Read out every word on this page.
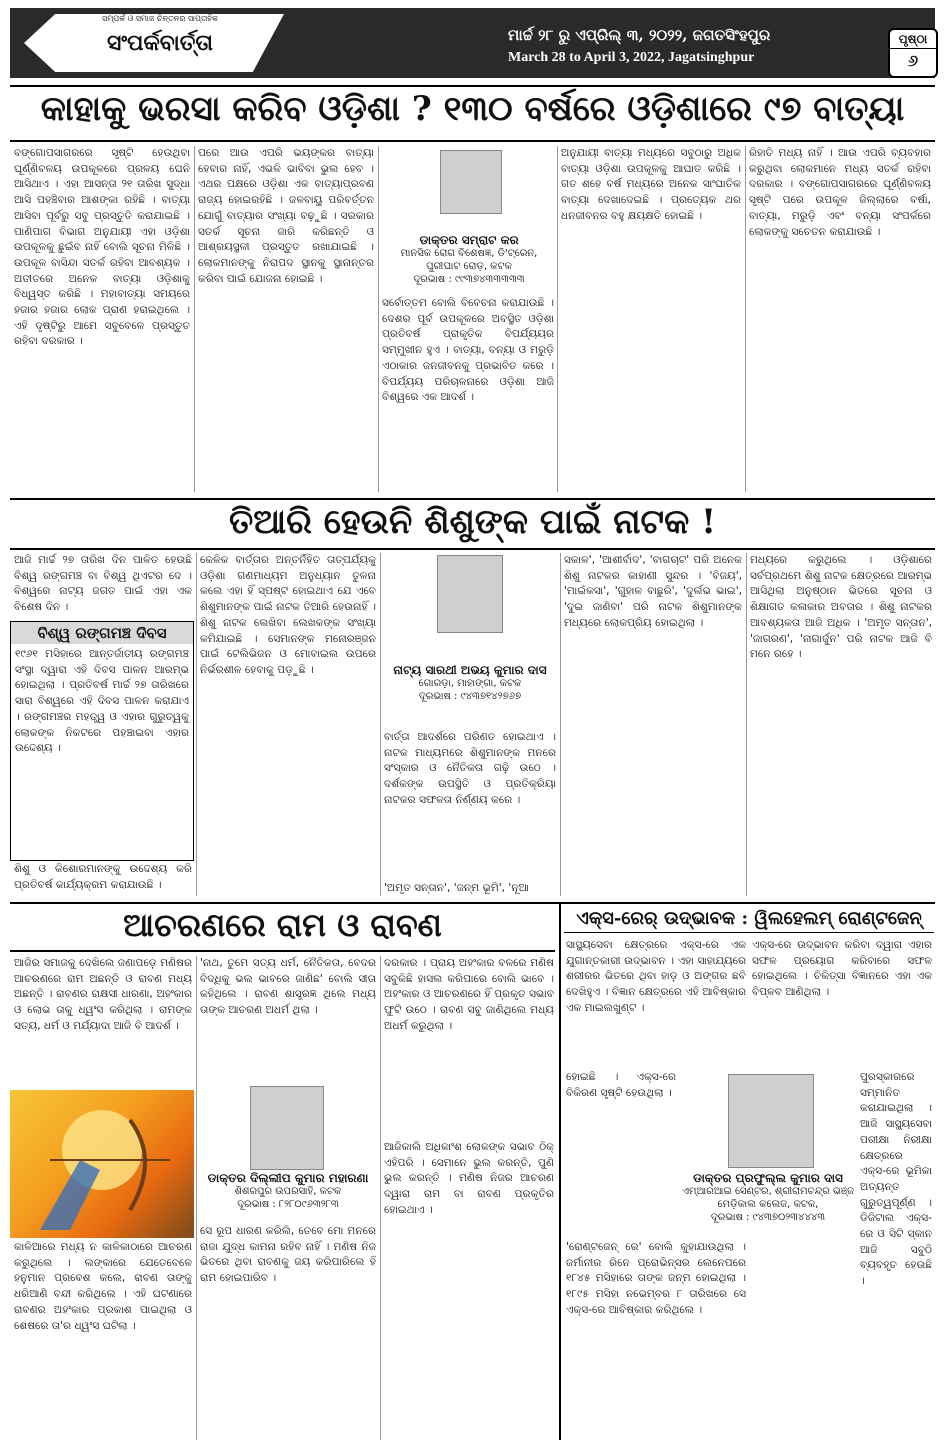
ସମ୍ପର୍କ ଓ ସମାଜ ଚିନ୍ତନର ସାପ୍ତାହିକ
ସଂପର୍କବାର୍ତ୍ତା	ମାର୍ଚ୍ଚ ୨୮ ରୁ ଏପ୍ରିଲ୍ ୩, ୨୦୨୨, ଜଗତସିଂହପୁର
March 28 to April 3, 2022, Jagatsinghpur
ପୃଷ୍ଠା
୬
କାହାକୁ ଭରସା କରିବ ଓଡ଼ିଶା ? ୧୩୦ ବର୍ଷରେ ଓଡ଼ିଶାରେ ୯୭ ବାତ୍ୟା
ବଙ୍ଗୋପସାଗରରେ ସୃଷ୍ଟି ହେଉଥିବା ଘୂର୍ଣ୍ଣିବଳୟ ଉପକୂଳରେ ପ୍ରଳୟ ଘେନି ଆସିଥାଏ । ଏହା ଆସନ୍ତା ୨୧ ତାରିଖ ସୁଦ୍ଧା ଆସି ପହଞ୍ଚିବାର ଆଶଙ୍କା ରହିଛି । ବାତ୍ୟା ଆସିବା ପୂର୍ବରୁ ସବୁ ପ୍ରସ୍ତୁତି କରାଯାଇଛି । ପାଣିପାଗ ବିଭାଗ ଅନୁଯାୟୀ ଏହା ଓଡ଼ିଶା ଉପକୂଳକୁ ଛୁଇଁବ ନାହିଁ ବୋଲି ସୂଚନା ମିଳିଛି । ଉପକୂଳ ବାସିନ୍ଦା ସତର୍କ ରହିବା ଆବଶ୍ୟକ । ଅତୀତରେ ଅନେକ ବାତ୍ୟା ଓଡ଼ିଶାକୁ ବିଧ୍ୱସ୍ତ କରିଛି । ମହାବାତ୍ୟା ସମୟରେ ହଜାର ହଜାର ଲୋକ ପ୍ରାଣ ହରାଇଥିଲେ । ଏହି ଦୃଷ୍ଟିରୁ ଆମେ ସବୁବେଳେ ପ୍ରସ୍ତୁତ ରହିବା ଦରକାର ।
ପରେ ଆଉ ଏପରି ଭୟଙ୍କର ବାତ୍ୟା ହେବାର ନାହିଁ, ଏଭଳି ଭାବିବା ଭୁଲ ହେବ । ଏଥର ପକ୍ଷରେ ଓଡ଼ିଶା ଏକ ବାତ୍ୟାପ୍ରବଣ ରାଜ୍ୟ ହୋଇରହିଛି । ଜଳବାୟୁ ପରିବର୍ତ୍ତନ ଯୋଗୁଁ ବାତ୍ୟାର ସଂଖ୍ୟା ବଢ଼ୁଛି । ସରକାର ସତର୍କ ସୂଚନା ଜାରି କରିଛନ୍ତି ଓ ଆଶ୍ରୟସ୍ଥଳୀ ପ୍ରସ୍ତୁତ ରଖାଯାଇଛି । ଲୋକମାନଙ୍କୁ ନିରାପଦ ସ୍ଥାନକୁ ସ୍ଥାନାନ୍ତର କରିବା ପାଇଁ ଯୋଜନା ହୋଇଛି ।
ଡାକ୍ତର ସମ୍ରାଟ କର
ମାନସିକ ରୋଗ ବିଶେଷଜ୍ଞ, ଡି'ଟ୍ରେନ,
ପୁରୀଘାଟ ରୋଡ଼, କଟକ
ଦୂରଭାଷ : ୯୯୩୭୪୩୩୩୩୩
ସର୍ବୋତ୍ତମ ବୋଲି ବିବେଚନା କରାଯାଉଛି । ଦେଶର ପୂର୍ବ ଉପକୂଳରେ ଅବସ୍ଥିତ ଓଡ଼ିଶା ପ୍ରତିବର୍ଷ ପ୍ରାକୃତିକ ବିପର୍ଯ୍ୟୟର ସମ୍ମୁଖୀନ ହୁଏ । ବାତ୍ୟା, ବନ୍ୟା ଓ ମରୁଡ଼ି ଏଠାକାର ଜନଜୀବନକୁ ପ୍ରଭାବିତ କରେ । ବିପର୍ଯ୍ୟୟ ପରିଚାଳନାରେ ଓଡ଼ିଶା ଆଜି ବିଶ୍ୱରେ ଏକ ଆଦର୍ଶ ।
ଅନୁଯାୟୀ ବାତ୍ୟା ମଧ୍ୟରେ ସବୁଠାରୁ ଅଧିକ ବାତ୍ୟା ଓଡ଼ିଶା ଉପକୂଳକୁ ଆଘାତ କରିଛି । ଗତ ଶହେ ବର୍ଷ ମଧ୍ୟରେ ଅନେକ ସାଂଘାତିକ ବାତ୍ୟା ଦେଖାଦେଇଛି । ପ୍ରତ୍ୟେକ ଥର ଧନଜୀବନର ବହୁ କ୍ଷୟକ୍ଷତି ହୋଇଛି ।
ରିହାତି ମଧ୍ୟ ନାହିଁ । ଆଉ ଏପରି ବ୍ୟବହାର କରୁଥିବା ଲୋକମାନେ ମଧ୍ୟ ସତର୍କ ରହିବା ଦରକାର । ବଙ୍ଗୋପସାଗରରେ ଘୂର୍ଣ୍ଣିବଳୟ ସୃଷ୍ଟି ପରେ ଉପକୂଳ ଜିଲ୍ଲାରେ ବର୍ଷା, ବାତ୍ୟା, ମରୁଡ଼ି ଏବଂ ବନ୍ୟା ସଂପର୍କରେ ଲୋକଙ୍କୁ ସଚେତନ କରାଯାଉଛି ।
ତିଆରି ହେଉନି ଶିଶୁଙ୍କ ପାଇଁ ନାଟକ !
ଆଜି ମାର୍ଚ୍ଚ ୨୭ ତାରିଖ ଦିନ ପାଳିତ ହେଉଛି ବିଶ୍ୱ ରଙ୍ଗମଞ୍ଚ ବା ବିଶ୍ୱ ଥିଏଟର ଦେ । ବିଶ୍ୱରେ ନାଟ୍ୟ ଜଗତ ପାଇଁ ଏହା ଏକ ବିଶେଷ ଦିନ ।
ବିଶ୍ୱ ରଙ୍ଗମଞ୍ଚ ଦିବସ
୧୯୬୧ ମସିହାରେ ଆନ୍ତର୍ଜାତୀୟ ରଙ୍ଗମଞ୍ଚ ସଂସ୍ଥା ଦ୍ୱାରା ଏହି ଦିବସ ପାଳନ ଆରମ୍ଭ ହୋଇଥିଲା । ପ୍ରତିବର୍ଷ ମାର୍ଚ୍ଚ ୨୭ ତାରିଖରେ ସାରା ବିଶ୍ୱରେ ଏହି ଦିବସ ପାଳନ କରାଯାଏ । ରଙ୍ଗମଞ୍ଚର ମହତ୍ତ୍ୱ ଓ ଏହାର ଗୁରୁତ୍ୱକୁ ଲୋକଙ୍କ ନିକଟରେ ପହଞ୍ଚାଇବା ଏହାର ଉଦ୍ଦେଶ୍ୟ ।
ଶିଶୁ ଓ କିଶୋରମାନଙ୍କୁ ଉଦ୍ଦେଶ୍ୟ କରି ପ୍ରତିବର୍ଷ କାର୍ଯ୍ୟକ୍ରମ କରାଯାଉଛି ।
କେଳିକ ବାର୍ତ୍ତାର ଅନ୍ତର୍ନିହିତ ତାତ୍ପର୍ଯ୍ୟକୁ ଓଡ଼ିଶା ଗଣମାଧ୍ୟମ ଅନୁଧ୍ୟାନ ତୁଳନା କଲେ ଏହା ହିଁ ସ୍ପଷ୍ଟ ହୋଇଥାଏ ଯେ ଏବେ ଶିଶୁମାନଙ୍କ ପାଇଁ ନାଟକ ତିଆରି ହେଉନାହିଁ । ଶିଶୁ ନାଟକ ଲେଖିବା ଲେଖକଙ୍କ ସଂଖ୍ୟା କମିଯାଇଛି । ସେମାନଙ୍କ ମନୋରଞ୍ଜନ ପାଇଁ ଟେଲିଭିଜନ ଓ ମୋବାଇଲ ଉପରେ ନିର୍ଭରଶୀଳ ହେବାକୁ ପଡ଼ୁଛି ।	ନାଟ୍ୟ ସାରଥୀ ଅଭୟ କୁମାର ଦାସ
ଗୋରଡ଼ା, ମାହାଙ୍ଗା, କଟକ
ଦୂରଭାଷ : ୯୪୩୭୧୪୨୭୬୭
ବାର୍ତ୍ତା ଆଦର୍ଶରେ ପରିଣତ ହୋଇଥାଏ । ନାଟକ ମାଧ୍ୟମରେ ଶିଶୁମାନଙ୍କ ମନରେ ସଂସ୍କାର ଓ ନୈତିକତା ଗଢ଼ି ଉଠେ । ଦର୍ଶକଙ୍କ ଉପସ୍ଥିତି ଓ ପ୍ରତିକ୍ରିୟା ନାଟକର ସଫଳତା ନିର୍ଣ୍ଣୟ କରେ ।
'ଅମୃତ ସନ୍ତାନ', 'ଜନ୍ମ ଭୂମି', 'ନୂଆ
ସକାଳ', 'ଆଶୀର୍ବାଦ', 'ବାଗଚାଟ' ପରି ଅନେକ ଶିଶୁ ନାଟକର କାହାଣୀ ସୁନ୍ଦର । 'ବିଜୟ', 'ମାଇଁକସା', 'ଗୁହାଳ ବାଛୁରି', 'ଦୁର୍ଲଭ ଭାଇ', 'ଦୁଇ ଜାଣିବା' ପରି ନାଟକ ଶିଶୁମାନଙ୍କ ମଧ୍ୟରେ ଲୋକପ୍ରିୟ ହୋଇଥିଲା ।
ମଧ୍ୟରେ କରୁଥିଲେ । ଓଡ଼ିଶାରେ ସର୍ବପ୍ରଥମେ ଶିଶୁ ନାଟକ କ୍ଷେତ୍ରରେ ଆରମ୍ଭ ଆସିଥିଲା ଅନୁଷ୍ଠାନ ଭିତରେ ସୂଚନା ଓ ଶିକ୍ଷାଗତ କଳାକାର ଅବତାର । ଶିଶୁ ନାଟକର ଆବଶ୍ୟକତା ଆଜି ଅଧିକ । 'ଅମୃତ ସନ୍ତାନ', 'ଜାଗରଣ', 'ନାଗାର୍ଜୁନ' ପରି ନାଟକ ଆଜି ବି ମନେ ରହେ ।
ଆଚରଣରେ ରାମ ଓ ରାବଣ
ଆଜିର ସମାଜକୁ ଦେଖିଲେ ଜଣାପଡ଼େ ମଣିଷର ଆଚରଣରେ ରାମ ଅଛନ୍ତି ଓ ରାବଣ ମଧ୍ୟ ଅଛନ୍ତି । ରାବଣର ରାକ୍ଷସୀ ଧାରଣା, ଅହଂକାର ଓ ଲୋଭ ତାକୁ ଧ୍ୱଂସ କରିଥିଲା । ରାମଙ୍କ ସତ୍ୟ, ଧର୍ମ ଓ ମର୍ଯ୍ୟାଦା ଆଜି ବି ଆଦର୍ଶ ।
କାଳିଆରେ ମଧ୍ୟ ନ କାଳିକାଠାରେ ଆଚରଣ କରୁଥିଲେ । ଲଙ୍କାରେ ଯେତେବେଳେ ହନୁମାନ ପ୍ରବେଶ କଲେ, ରାବଣ ତାଙ୍କୁ ଧରିଆଣି ବନ୍ଦୀ କରିଥିଲେ । ଏହି ଘଟଣାରେ ରାବଣର ଅହଂକାର ପ୍ରକାଶ ପାଇଥିଲା ଓ ଶେଷରେ ତା'ର ଧ୍ୱଂସ ଘଟିଲା ।
'ନାଥ, ତୁମେ ସତ୍ୟ ଧର୍ମ, ନୈତିକତା, ବେଦର ବିଦ୍ଧିକୁ ଭଲ ଭାବରେ ଜାଣିଛ' ବୋଲି ସୀତା କହିଥିଲେ । ରାବଣ ଶାସ୍ତ୍ରଜ୍ଞ ଥିଲେ ମଧ୍ୟ ତାଙ୍କ ଆଚରଣ ଅଧର୍ମ ଥିଲା ।
ଡାକ୍ତର ଦିଲ୍ଲୀପ କୁମାର ମହାରଣା
ଶିଶରପୁର ଉପରସାହି, କଟକ
ଦୂରଭାଷ : ୮୨୮୦୯୬୩୨୮୩
ସେ ରୂପ ଧାରଣ କରିଲି, ତେବେ ମୋ ମନରେ ରାଜା ଯୁଦ୍ଧ କାମନା ରହିବ ନାହିଁ । ମଣିଷ ନିଜ ଭିତରେ ଥିବା ରାବଣକୁ ଜୟ କରିପାରିଲେ ହିଁ ରାମ ହୋଇପାରିବ ।
ଦରକାର । ପ୍ରାୟ ଅହଂକାର ବଳରେ ମଣିଷ ସବୁକିଛି ହାସଲ କରିପାରେ ବୋଲି ଭାବେ । ଅହଂକାର ଓ ଆଚରଣରେ ହିଁ ପ୍ରକୃତ ସଭାବ ଫୁଟି ଉଠେ । ରାବଣ ସବୁ ଜାଣିଥିଲେ ମଧ୍ୟ ଅଧର୍ମ କରୁଥିଲା ।
ଆଜିକାଲି ଅଧିକାଂଶ ଲୋକଙ୍କ ସଭାବ ଠିକ୍ ଏହିପରି । ସେମାନେ ଭୁଲ କରନ୍ତି, ପୁଣି ଭୁଲ କରନ୍ତି । ମଣିଷ ନିଜର ଆଚରଣ ଦ୍ୱାରା ରାମ ବା ରାବଣ ପ୍ରକୃତିର ହୋଇଥାଏ ।
ଏକ୍ସ-ରେର୍ ଉଦ୍ଭାବକ : ୱିଲହେଲମ୍ ରୋଣ୍ଟଜେନ୍
ସାସ୍ଥ୍ୟସେବା କ୍ଷେତ୍ରରେ ଏକ୍ସ-ରେ ଏକ ଯୁଗାନ୍ତକାରୀ ଉଦ୍ଭାବନ । ଏହା ସାହାଯ୍ୟରେ ଶରୀରର ଭିତରେ ଥିବା ହାଡ଼ ଓ ଅଙ୍ଗର ଛବି ଦେଖିହୁଏ । ବିଜ୍ଞାନ କ୍ଷେତ୍ରରେ ଏହି ଆବିଷ୍କାର ଏକ ମାଇଲଖୁଣ୍ଟ ।
ହୋଇଛି । ଏକ୍ସ-ରେ ବିକିରଣ ସୃଷ୍ଟି ହେଉଥିଲା ।
ଡାକ୍ତର ପ୍ରଫୁଲ୍ଲ କୁମାର ଦାସ
ଏମ୍‌ଆରଆଇ ସେଣ୍ଟର, ଶ୍ରୀରାମଚନ୍ଦ୍ର ଭଞ୍ଜ
ମେଡ଼ିକାଲ କଲେଜ, କଟକ,
ଦୂରଭାଷ : ୯୪୩୭୦୨୩୪୪୪୩
'ରୋଣ୍ଟଜେନ୍ ରେ' ବୋଲି କୁହାଯାଉଥିଲା । ଜର୍ମାନୀର ରିନେ ପ୍ରୋଭିନ୍ସର ଲେନେପରେ ୧୮୪୫ ମସିହାରେ ତାଙ୍କ ଜନ୍ମ ହୋଇଥିଲା । ୧୮୯୫ ମସିହା ନଭେମ୍ବର ୮ ତାରିଖରେ ସେ ଏକ୍ସ-ରେ ଆବିଷ୍କାର କରିଥିଲେ ।
ଏକ୍ସ-ରେ ଉଦ୍ଭାବନ କରିବା ଦ୍ୱାରା ଏହାର ସଫଳ ପ୍ରୟୋଗ କରିବାରେ ସଫଳ ହୋଇଥିଲେ । ଚିକିତ୍ସା ବିଜ୍ଞାନରେ ଏହା ଏକ ବିପ୍ଳବ ଆଣିଥିଲା ।
ପୁରସ୍କାରରେ ସମ୍ମାନିତ କରାଯାଇଥିଲା । ଆଜି ସାସ୍ଥ୍ୟସେବା ପରୀକ୍ଷା ନିରୀକ୍ଷା କ୍ଷେତ୍ରରେ ଏକ୍ସ-ରେ ଭୂମିକା ଅତ୍ୟନ୍ତ ଗୁରୁତ୍ୱପୂର୍ଣ୍ଣ । ଡିଜିଟାଲ ଏକ୍ସ-ରେ ଓ ସିଟି ସ୍କାନ ଆଜି ସବୁଠି ବ୍ୟବହୃତ ହେଉଛି ।
